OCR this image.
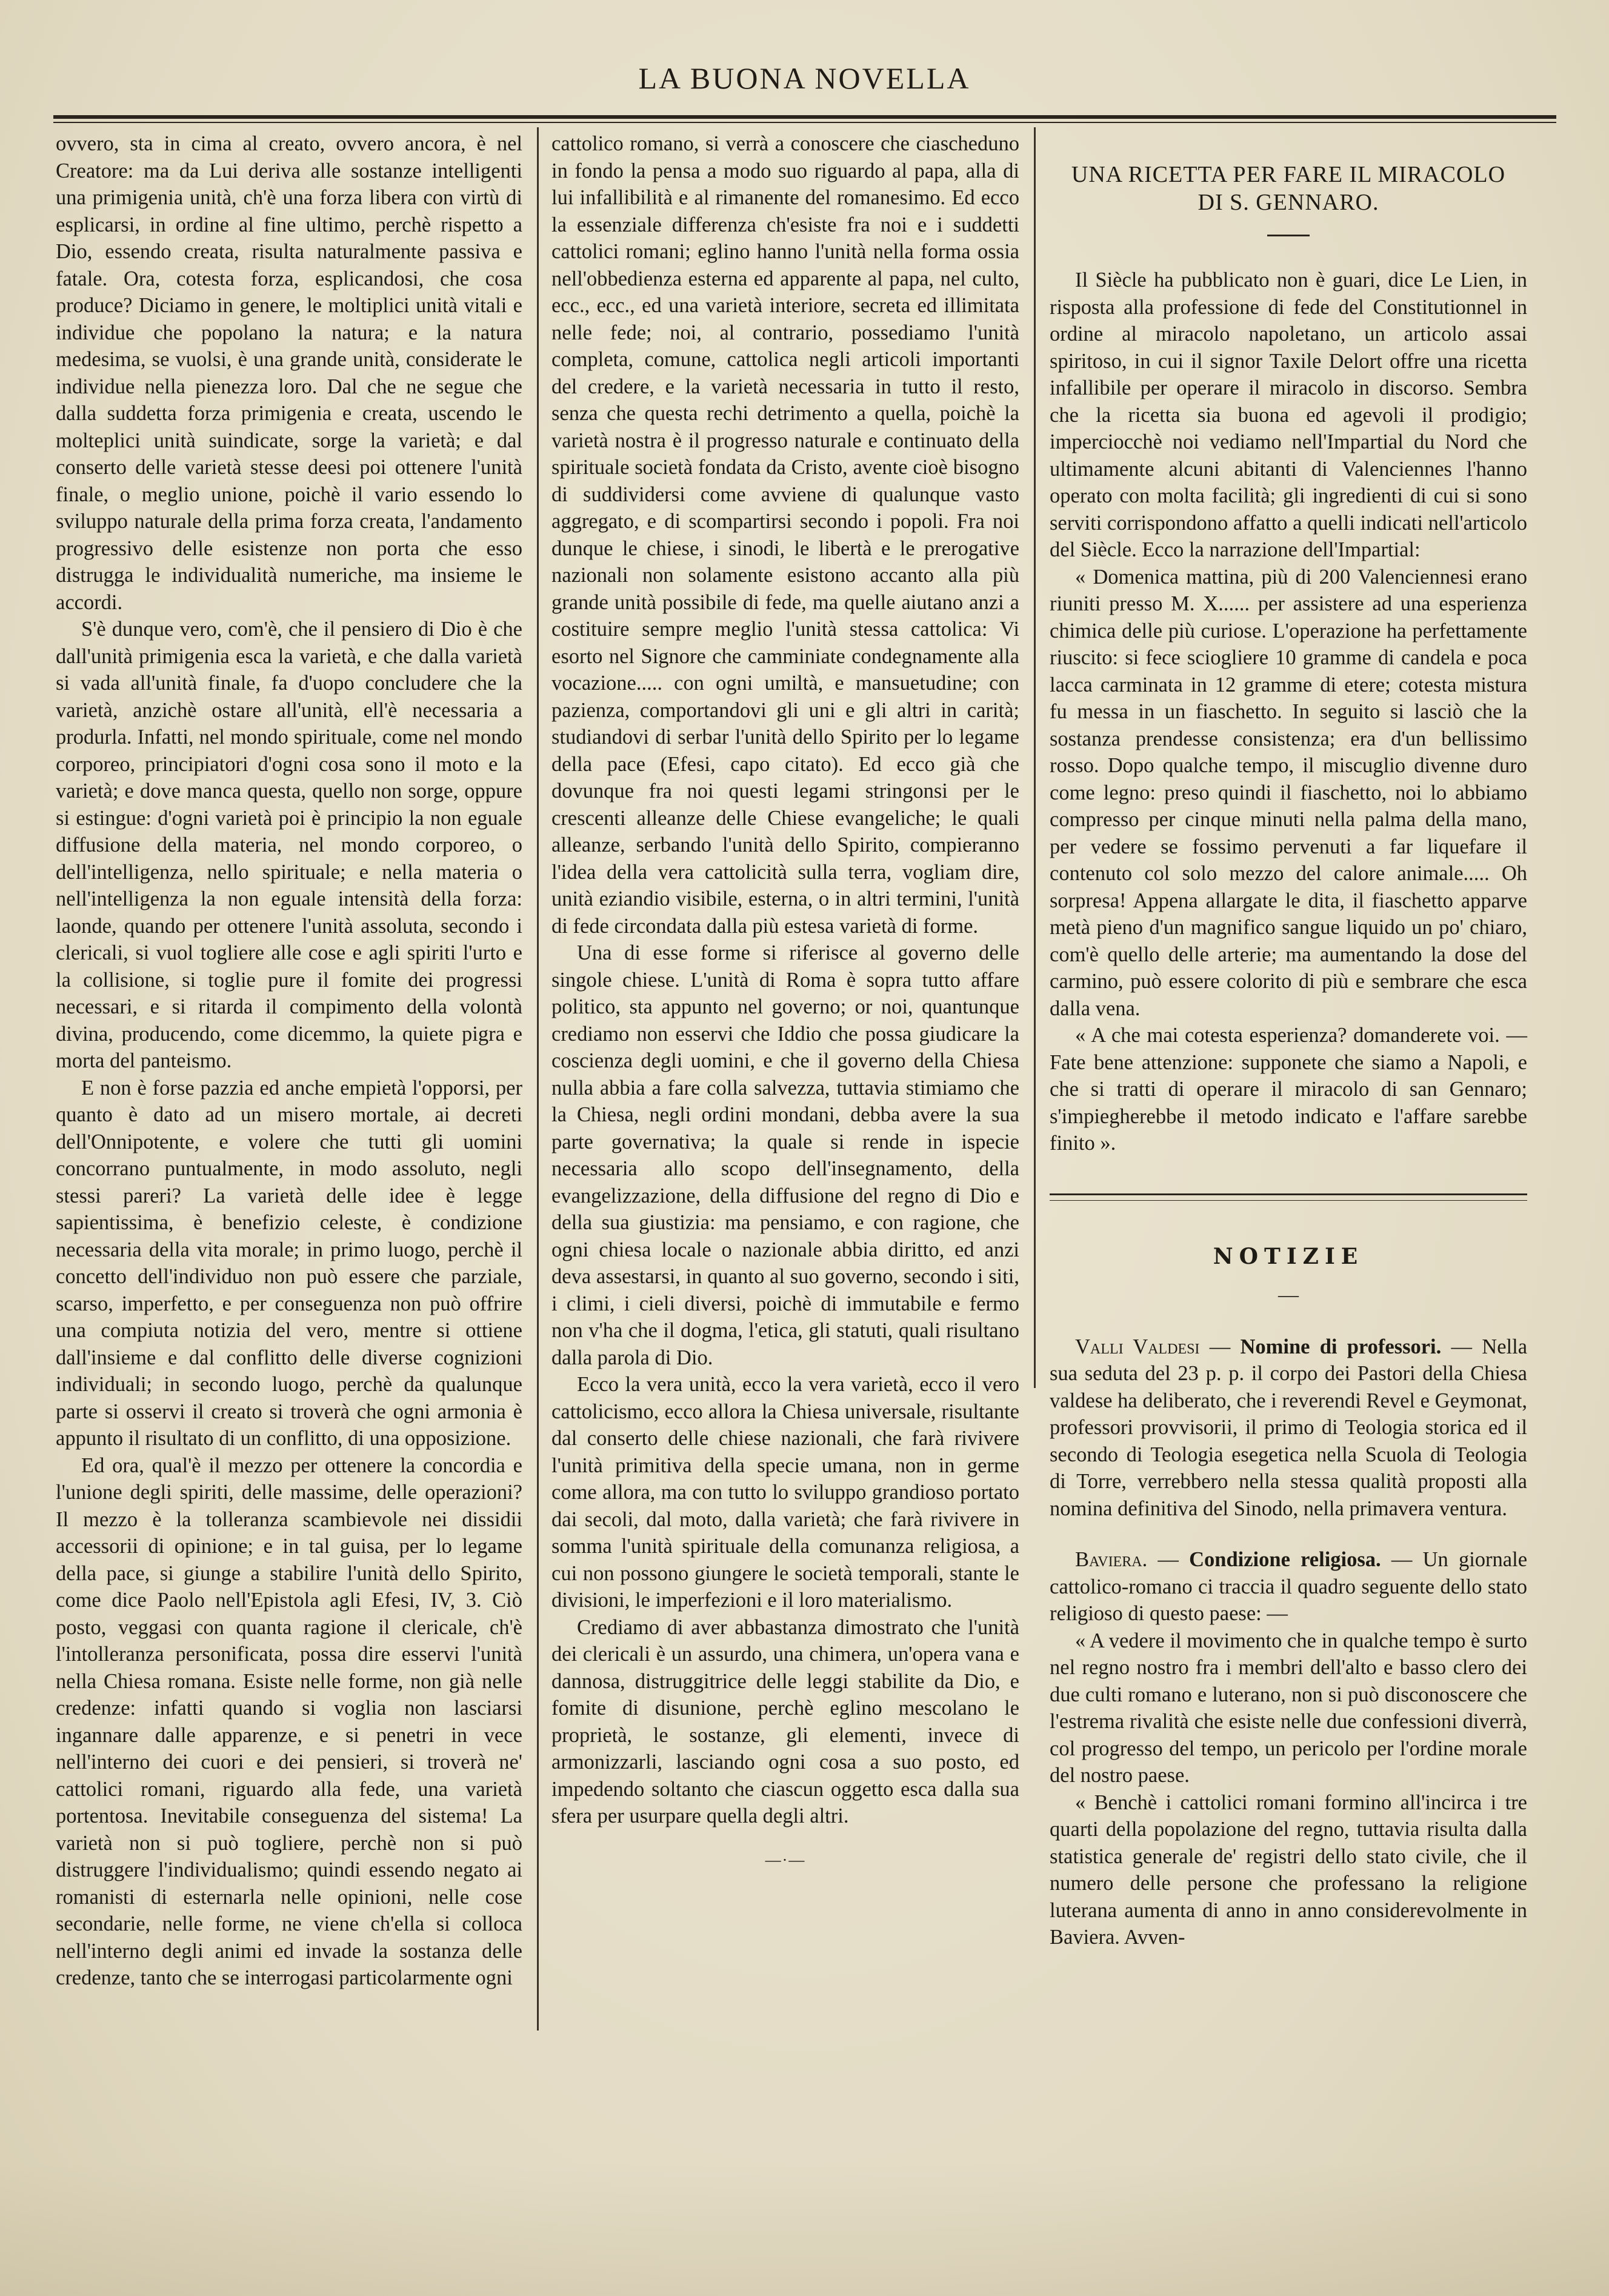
LA BUONA NOVELLA

ovvero, sta in cima al creato, ovvero ancora, è nel Creatore: ma da Lui deriva alle sostanze intelligenti una primigenia unità, ch'è una forza libera con virtù di esplicarsi, in ordine al fine ultimo, perchè rispetto a Dio, essendo creata, risulta naturalmente passiva e fatale. Ora, cotesta forza, esplicandosi, che cosa produce? Diciamo in genere, le moltiplici unità vitali e individue che popolano la natura; e la natura medesima, se vuolsi, è una grande unità, considerate le individue nella pienezza loro. Dal che ne segue che dalla suddetta forza primigenia e creata, uscendo le molteplici unità suindicate, sorge la varietà; e dal conserto delle varietà stesse deesi poi ottenere l'unità finale, o meglio unione, poichè il vario essendo lo sviluppo naturale della prima forza creata, l'andamento progressivo delle esistenze non porta che esso distrugga le individualità numeriche, ma insieme le accordi.

S'è dunque vero, com'è, che il pensiero di Dio è che dall'unità primigenia esca la varietà, e che dalla varietà si vada all'unità finale, fa d'uopo concludere che la varietà, anzichè ostare all'unità, ell'è necessaria a produrla. Infatti, nel mondo spirituale, come nel mondo corporeo, principiatori d'ogni cosa sono il moto e la varietà; e dove manca questa, quello non sorge, oppure si estingue: d'ogni varietà poi è principio la non eguale diffusione della materia, nel mondo corporeo, o dell'intelligenza, nello spirituale; e nella materia o nell'intelligenza la non eguale intensità della forza: laonde, quando per ottenere l'unità assoluta, secondo i clericali, si vuol togliere alle cose e agli spiriti l'urto e la collisione, si toglie pure il fomite dei progressi necessari, e si ritarda il compimento della volontà divina, producendo, come dicemmo, la quiete pigra e morta del panteismo.

E non è forse pazzia ed anche empietà l'opporsi, per quanto è dato ad un misero mortale, ai decreti dell'Onnipotente, e volere che tutti gli uomini concorrano puntualmente, in modo assoluto, negli stessi pareri? La varietà delle idee è legge sapientissima, è benefizio celeste, è condizione necessaria della vita morale; in primo luogo, perchè il concetto dell'individuo non può essere che parziale, scarso, imperfetto, e per conseguenza non può offrire una compiuta notizia del vero, mentre si ottiene dall'insieme e dal conflitto delle diverse cognizioni individuali; in secondo luogo, perchè da qualunque parte si osservi il creato si troverà che ogni armonia è appunto il risultato di un conflitto, di una opposizione.

Ed ora, qual'è il mezzo per ottenere la concordia e l'unione degli spiriti, delle massime, delle operazioni? Il mezzo è la tolleranza scambievole nei dissidii accessorii di opinione; e in tal guisa, per lo legame della pace, si giunge a stabilire l'unità dello Spirito, come dice Paolo nell'Epistola agli Efesi, IV, 3. Ciò posto, veggasi con quanta ragione il clericale, ch'è l'intolleranza personificata, possa dire esservi l'unità nella Chiesa romana. Esiste nelle forme, non già nelle credenze: infatti quando si voglia non lasciarsi ingannare dalle apparenze, e si penetri in vece nell'interno dei cuori e dei pensieri, si troverà ne' cattolici romani, riguardo alla fede, una varietà portentosa. Inevitabile conseguenza del sistema! La varietà non si può togliere, perchè non si può distruggere l'individualismo; quindi essendo negato ai romanisti di esternarla nelle opinioni, nelle cose secondarie, nelle forme, ne viene ch'ella si colloca nell'interno degli animi ed invade la sostanza delle credenze, tanto che se interrogasi particolarmente ogni

cattolico romano, si verrà a conoscere che ciascheduno in fondo la pensa a modo suo riguardo al papa, alla di lui infallibilità e al rimanente del romanesimo. Ed ecco la essenziale differenza ch'esiste fra noi e i suddetti cattolici romani; eglino hanno l'unità nella forma ossia nell'obbedienza esterna ed apparente al papa, nel culto, ecc., ecc., ed una varietà interiore, secreta ed illimitata nelle fede; noi, al contrario, possediamo l'unità completa, comune, cattolica negli articoli importanti del credere, e la varietà necessaria in tutto il resto, senza che questa rechi detrimento a quella, poichè la varietà nostra è il progresso naturale e continuato della spirituale società fondata da Cristo, avente cioè bisogno di suddividersi come avviene di qualunque vasto aggregato, e di scompartirsi secondo i popoli. Fra noi dunque le chiese, i sinodi, le libertà e le prerogative nazionali non solamente esistono accanto alla più grande unità possibile di fede, ma quelle aiutano anzi a costituire sempre meglio l'unità stessa cattolica: Vi esorto nel Signore che camminiate condegnamente alla vocazione..... con ogni umiltà, e mansuetudine; con pazienza, comportandovi gli uni e gli altri in carità; studiandovi di serbar l'unità dello Spirito per lo legame della pace (Efesi, capo citato). Ed ecco già che dovunque fra noi questi legami stringonsi per le crescenti alleanze delle Chiese evangeliche; le quali alleanze, serbando l'unità dello Spirito, compieranno l'idea della vera cattolicità sulla terra, vogliam dire, unità eziandio visibile, esterna, o in altri termini, l'unità di fede circondata dalla più estesa varietà di forme.

Una di esse forme si riferisce al governo delle singole chiese. L'unità di Roma è sopra tutto affare politico, sta appunto nel governo; or noi, quantunque crediamo non esservi che Iddio che possa giudicare la coscienza degli uomini, e che il governo della Chiesa nulla abbia a fare colla salvezza, tuttavia stimiamo che la Chiesa, negli ordini mondani, debba avere la sua parte governativa; la quale si rende in ispecie necessaria allo scopo dell'insegnamento, della evangelizzazione, della diffusione del regno di Dio e della sua giustizia: ma pensiamo, e con ragione, che ogni chiesa locale o nazionale abbia diritto, ed anzi deva assestarsi, in quanto al suo governo, secondo i siti, i climi, i cieli diversi, poichè di immutabile e fermo non v'ha che il dogma, l'etica, gli statuti, quali risultano dalla parola di Dio.

Ecco la vera unità, ecco la vera varietà, ecco il vero cattolicismo, ecco allora la Chiesa universale, risultante dal conserto delle chiese nazionali, che farà rivivere l'unità primitiva della specie umana, non in germe come allora, ma con tutto lo sviluppo grandioso portato dai secoli, dal moto, dalla varietà; che farà rivivere in somma l'unità spirituale della comunanza religiosa, a cui non possono giungere le società temporali, stante le divisioni, le imperfezioni e il loro materialismo.

Crediamo di aver abbastanza dimostrato che l'unità dei clericali è un assurdo, una chimera, un'opera vana e dannosa, distruggitrice delle leggi stabilite da Dio, e fomite di disunione, perchè eglino mescolano le proprietà, le sostanze, gli elementi, invece di armonizzarli, lasciando ogni cosa a suo posto, ed impedendo soltanto che ciascun oggetto esca dalla sua sfera per usurpare quella degli altri.

—·—
UNA RICETTA PER FARE IL MIRACOLO
DI S. GENNARO.

Il Siècle ha pubblicato non è guari, dice Le Lien, in risposta alla professione di fede del Constitutionnel in ordine al miracolo napoletano, un articolo assai spiritoso, in cui il signor Taxile Delort offre una ricetta infallibile per operare il miracolo in discorso. Sembra che la ricetta sia buona ed agevoli il prodigio; imperciocchè noi vediamo nell'Impartial du Nord che ultimamente alcuni abitanti di Valenciennes l'hanno operato con molta facilità; gli ingredienti di cui si sono serviti corrispondono affatto a quelli indicati nell'articolo del Siècle. Ecco la narrazione dell'Impartial:

« Domenica mattina, più di 200 Valenciennesi erano riuniti presso M. X...... per assistere ad una esperienza chimica delle più curiose. L'operazione ha perfettamente riuscito: si fece sciogliere 10 gramme di candela e poca lacca carminata in 12 gramme di etere; cotesta mistura fu messa in un fiaschetto. In seguito si lasciò che la sostanza prendesse consistenza; era d'un bellissimo rosso. Dopo qualche tempo, il miscuglio divenne duro come legno: preso quindi il fiaschetto, noi lo abbiamo compresso per cinque minuti nella palma della mano, per vedere se fossimo pervenuti a far liquefare il contenuto col solo mezzo del calore animale..... Oh sorpresa! Appena allargate le dita, il fiaschetto apparve metà pieno d'un magnifico sangue liquido un po' chiaro, com'è quello delle arterie; ma aumentando la dose del carmino, può essere colorito di più e sembrare che esca dalla vena.

« A che mai cotesta esperienza? domanderete voi. — Fate bene attenzione: supponete che siamo a Napoli, e che si tratti di operare il miracolo di san Gennaro; s'impiegherebbe il metodo indicato e l'affare sarebbe finito ».

NOTIZIE
—

Valli Valdesi — Nomine di professori. — Nella sua seduta del 23 p. p. il corpo dei Pastori della Chiesa valdese ha deliberato, che i reverendi Revel e Geymonat, professori provvisorii, il primo di Teologia storica ed il secondo di Teologia esegetica nella Scuola di Teologia di Torre, verrebbero nella stessa qualità proposti alla nomina definitiva del Sinodo, nella primavera ventura.

Baviera. — Condizione religiosa. — Un giornale cattolico-romano ci traccia il quadro seguente dello stato religioso di questo paese: —

« A vedere il movimento che in qualche tempo è surto nel regno nostro fra i membri dell'alto e basso clero dei due culti romano e luterano, non si può disconoscere che l'estrema rivalità che esiste nelle due confessioni diverrà, col progresso del tempo, un pericolo per l'ordine morale del nostro paese.

« Benchè i cattolici romani formino all'incirca i tre quarti della popolazione del regno, tuttavia risulta dalla statistica generale de' registri dello stato civile, che il numero delle persone che professano la religione luterana aumenta di anno in anno considerevolmente in Baviera. Avven-
